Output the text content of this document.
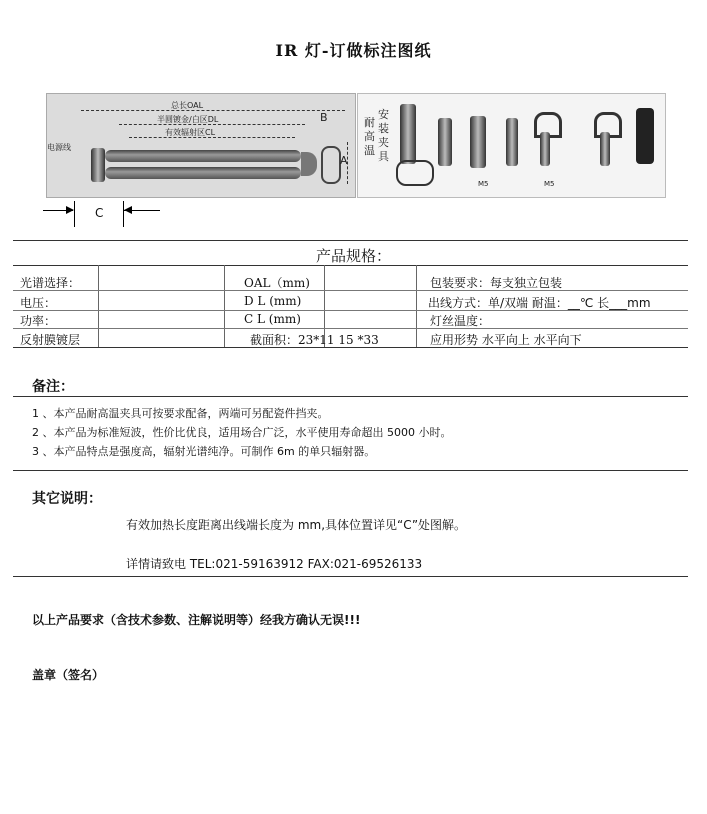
IR 灯-订做标注图纸
总长OAL
半圆镀金/白区DL
有效辐射区CL
电源线
B
A
耐
高
温
安
装
夹
具
M5	M5
C
产品规格：
光谱选择：	OAL（mm)	包装要求：每支独立包装
电压：	D L (mm)	出线方式：单/双端 耐温：__℃ 长___mm
功率：	C L (mm)	灯丝温度：
反射膜镀层	截面积：23*11 15 *33	应用形势 水平向上 水平向下
备注：
1 、本产品耐高温夹具可按要求配备，两端可另配瓷件挡夹。
2 、本产品为标准短波，性价比优良，适用场合广泛，水平使用寿命超出 5000 小时。
3 、本产品特点是强度高，辐射光谱纯净。可制作 6m 的单只辐射器。
其它说明：
有效加热长度距离出线端长度为 mm,具体位置详见“C”处图解。
详情请致电 TEL:021-59163912 FAX:021-69526133
以上产品要求（含技术参数、注解说明等）经我方确认无误!!!
盖章（签名）
